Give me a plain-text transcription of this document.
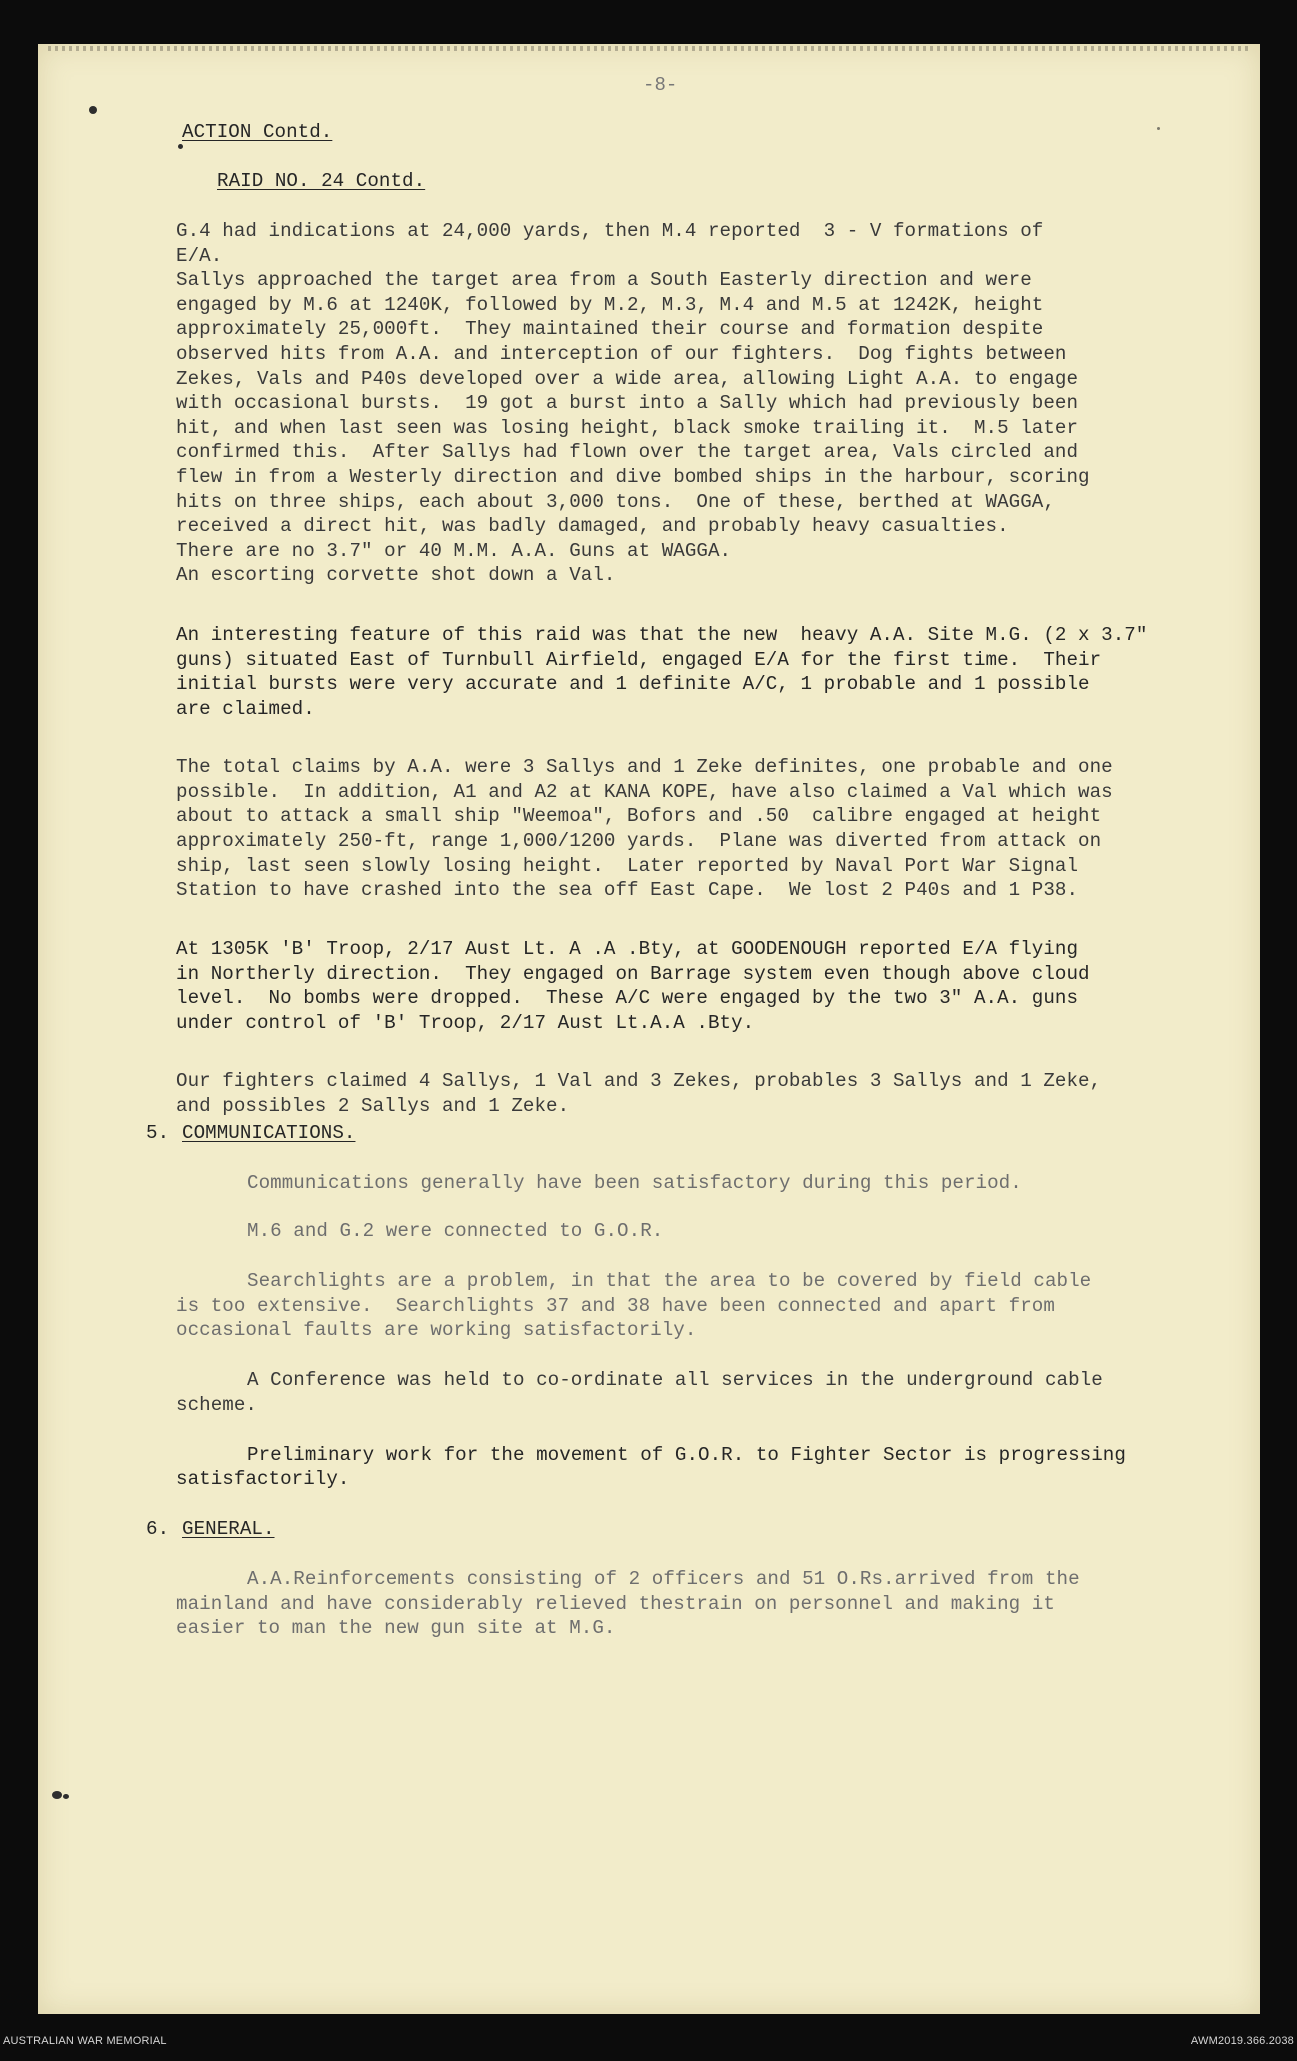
-8-
ACTION Contd.
RAID NO. 24 Contd.
G.4 had indications at 24,000 yards, then M.4 reported  3 - V formations of
E/A.
Sallys approached the target area from a South Easterly direction and were
engaged by M.6 at 1240K, followed by M.2, M.3, M.4 and M.5 at 1242K, height
approximately 25,000ft.  They maintained their course and formation despite
observed hits from A.A. and interception of our fighters.  Dog fights between
Zekes, Vals and P40s developed over a wide area, allowing Light A.A. to engage
with occasional bursts.  19 got a burst into a Sally which had previously been
hit, and when last seen was losing height, black smoke trailing it.  M.5 later
confirmed this.  After Sallys had flown over the target area, Vals circled and
flew in from a Westerly direction and dive bombed ships in the harbour, scoring
hits on three ships, each about 3,000 tons.  One of these, berthed at WAGGA,
received a direct hit, was badly damaged, and probably heavy casualties.
There are no 3.7" or 40 M.M. A.A. Guns at WAGGA.
An escorting corvette shot down a Val.
An interesting feature of this raid was that the new  heavy A.A. Site M.G. (2 x 3.7"
guns) situated East of Turnbull Airfield, engaged E/A for the first time.  Their
initial bursts were very accurate and 1 definite A/C, 1 probable and 1 possible
are claimed.
The total claims by A.A. were 3 Sallys and 1 Zeke definites, one probable and one
possible.  In addition, A1 and A2 at KANA KOPE, have also claimed a Val which was
about to attack a small ship "Weemoa", Bofors and .50  calibre engaged at height
approximately 250-ft, range 1,000/1200 yards.  Plane was diverted from attack on
ship, last seen slowly losing height.  Later reported by Naval Port War Signal
Station to have crashed into the sea off East Cape.  We lost 2 P40s and 1 P38.
At 1305K 'B' Troop, 2/17 Aust Lt. A .A .Bty, at GOODENOUGH reported E/A flying
in Northerly direction.  They engaged on Barrage system even though above cloud
level.  No bombs were dropped.  These A/C were engaged by the two 3" A.A. guns
under control of 'B' Troop, 2/17 Aust Lt.A.A .Bty.
Our fighters claimed 4 Sallys, 1 Val and 3 Zekes, probables 3 Sallys and 1 Zeke,
and possibles 2 Sallys and 1 Zeke.
5. COMMUNICATIONS.
Communications generally have been satisfactory during this period.
M.6 and G.2 were connected to G.O.R.
Searchlights are a problem, in that the area to be covered by field cable
is too extensive.  Searchlights 37 and 38 have been connected and apart from
occasional faults are working satisfactorily.
A Conference was held to co-ordinate all services in the underground cable
scheme.
Preliminary work for the movement of G.O.R. to Fighter Sector is progressing
satisfactorily.
6. GENERAL.
A.A.Reinforcements consisting of 2 officers and 51 O.Rs.arrived from the
mainland and have considerably relieved thestrain on personnel and making it
easier to man the new gun site at M.G.
AUSTRALIAN WAR MEMORIAL	AWM2019.366.2038
